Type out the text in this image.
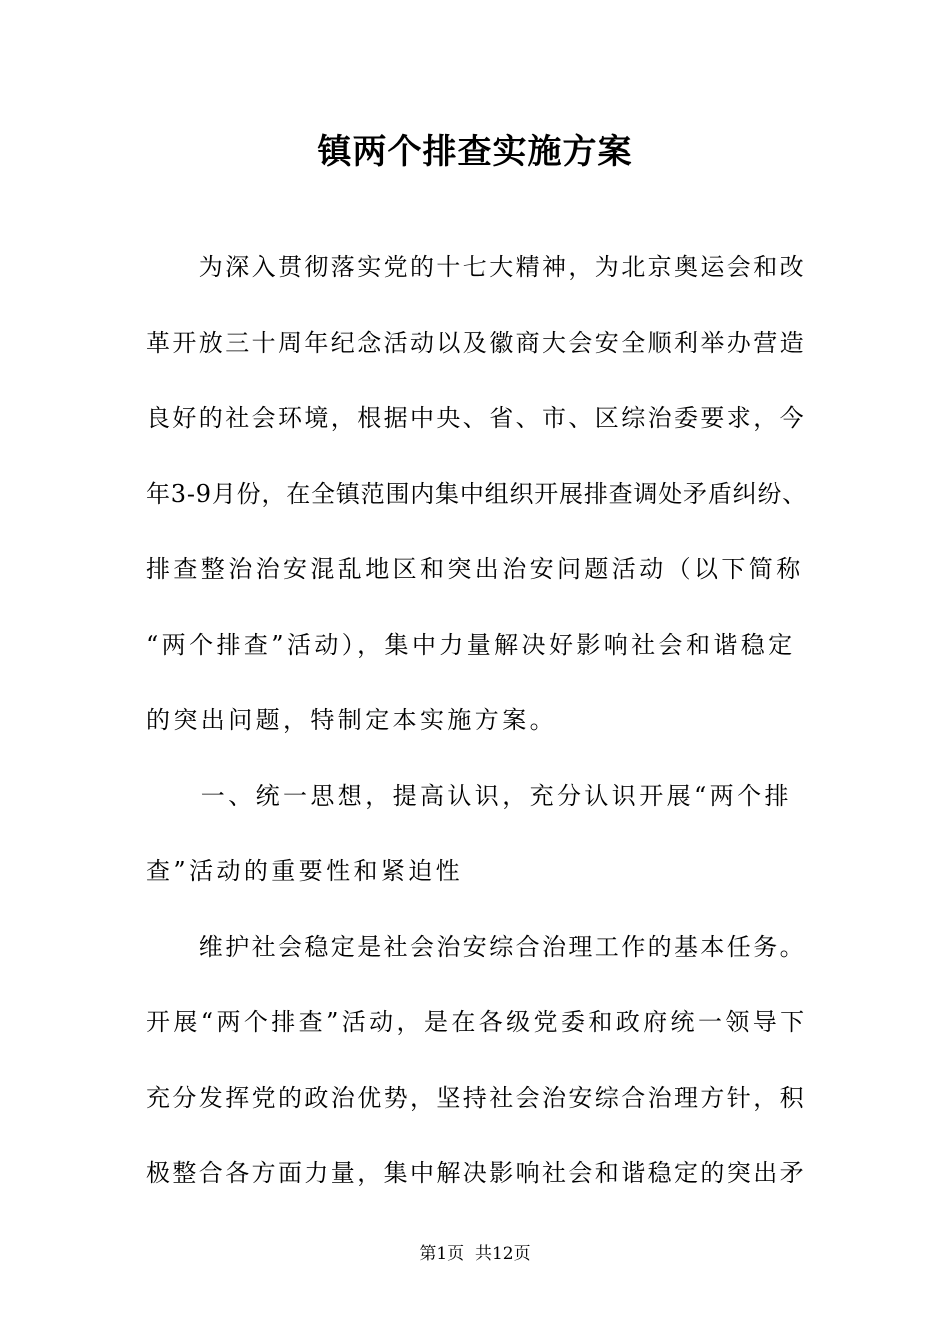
镇两个排查实施方案
　　为深入贯彻落实党的十七大精神，为北京奥运会和改
革开放三十周年纪念活动以及徽商大会安全顺利举办营造
良好的社会环境，根据中央、省、市、区综治委要求，今
年3-9月份，在全镇范围内集中组织开展排查调处矛盾纠纷、
排查整治治安混乱地区和突出治安问题活动（以下简称
“两个排查”活动），集中力量解决好影响社会和谐稳定
的突出问题，特制定本实施方案。
　　一、统一思想，提高认识，充分认识开展“两个排
查”活动的重要性和紧迫性
　　维护社会稳定是社会治安综合治理工作的基本任务。
开展“两个排查”活动，是在各级党委和政府统一领导下
充分发挥党的政治优势，坚持社会治安综合治理方针，积
极整合各方面力量，集中解决影响社会和谐稳定的突出矛
第1页  共12页
